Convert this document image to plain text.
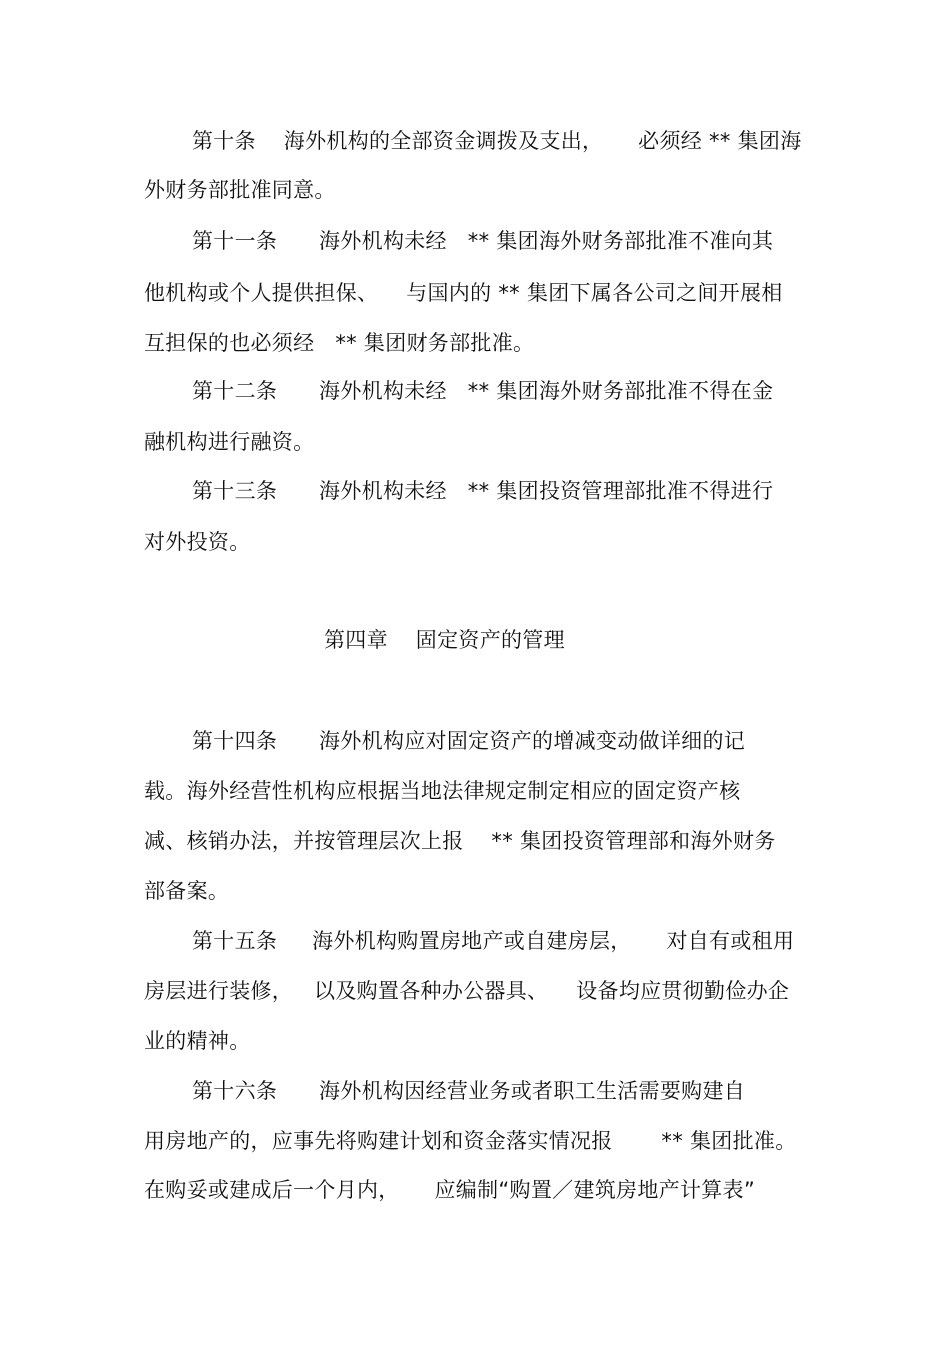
第十条    海外机构的全部资金调拨及支出，     必须经 ** 集团海
外财务部批准同意。
第十一条      海外机构未经   ** 集团海外财务部批准不准向其
他机构或个人提供担保、    与国内的 ** 集团下属各公司之间开展相
互担保的也必须经   ** 集团财务部批准。
第十二条      海外机构未经   ** 集团海外财务部批准不得在金
融机构进行融资。
第十三条      海外机构未经   ** 集团投资管理部批准不得进行
对外投资。
第四章    固定资产的管理
第十四条      海外机构应对固定资产的增减变动做详细的记
载。海外经营性机构应根据当地法律规定制定相应的固定资产核
减、核销办法，并按管理层次上报    ** 集团投资管理部和海外财务
部备案。
第十五条     海外机构购置房地产或自建房层，     对自有或租用
房层进行装修，   以及购置各种办公器具、    设备均应贯彻勤俭办企
业的精神。
第十六条      海外机构因经营业务或者职工生活需要购建自
用房地产的，应事先将购建计划和资金落实情况报       ** 集团批准。
在购妥或建成后一个月内，     应编制“购置／建筑房地产计算表”
